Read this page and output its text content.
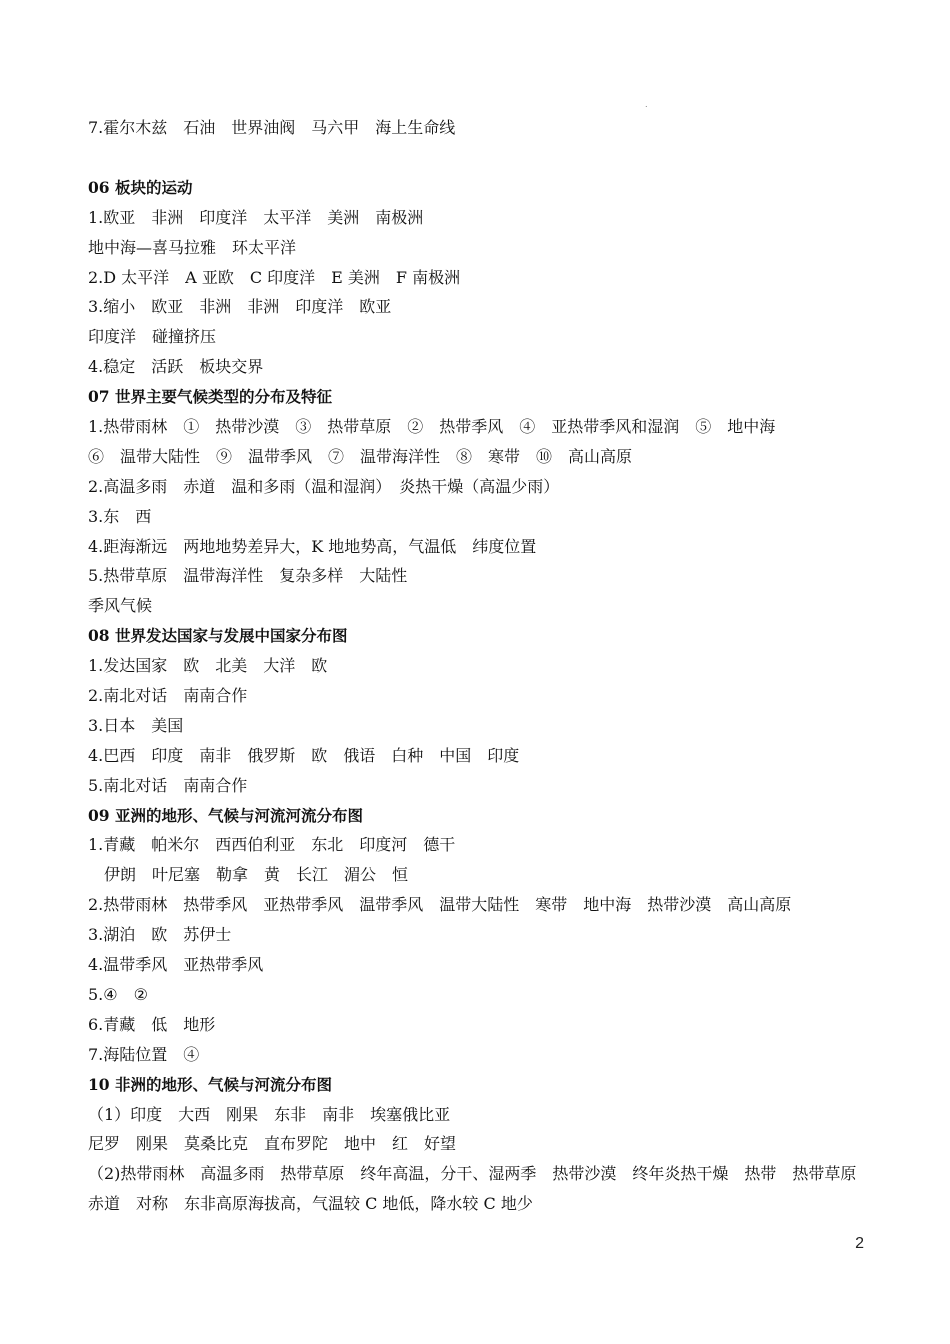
.
7.霍尔木兹　石油　世界油阀　马六甲　海上生命线
06 板块的运动
1.欧亚　非洲　印度洋　太平洋　美洲　南极洲
地中海—喜马拉雅　环太平洋
2.D 太平洋　A 亚欧　C 印度洋　E 美洲　F 南极洲
3.缩小　欧亚　非洲　非洲　印度洋　欧亚
印度洋　碰撞挤压
4.稳定　活跃　板块交界
07 世界主要气候类型的分布及特征
1.热带雨林　①　热带沙漠　③　热带草原　②　热带季风　④　亚热带季风和湿润　⑤　地中海
⑥　温带大陆性　⑨　温带季风　⑦　温带海洋性　⑧　寒带　⑩　高山高原
2.高温多雨　赤道　温和多雨（温和湿润）　炎热干燥（高温少雨）
3.东　西
4.距海渐远　两地地势差异大，K 地地势高，气温低　纬度位置
5.热带草原　温带海洋性　复杂多样　大陆性
季风气候
08 世界发达国家与发展中国家分布图
1.发达国家　欧　北美　大洋　欧
2.南北对话　南南合作
3.日本　美国
4.巴西　印度　南非　俄罗斯　欧　俄语　白种　中国　印度
5.南北对话　南南合作
09 亚洲的地形、气候与河流河流分布图
1.青藏　帕米尔　西西伯利亚　东北　印度河　德干
伊朗　叶尼塞　勒拿　黄　长江　湄公　恒
2.热带雨林　热带季风　亚热带季风　温带季风　温带大陆性　寒带　地中海　热带沙漠　高山高原
3.湖泊　欧　苏伊士
4.温带季风　亚热带季风
5.④　②
6.青藏　低　地形
7.海陆位置　④
10 非洲的地形、气候与河流分布图
（1）印度　大西　刚果　东非　南非　埃塞俄比亚
尼罗　刚果　莫桑比克　直布罗陀　地中　红　好望
（2)热带雨林　高温多雨　热带草原　终年高温，分干、湿两季　热带沙漠　终年炎热干燥　热带　热带草原　赤道　对称　东非高原海拔高，气温较 C 地低，降水较 C 地少
2
